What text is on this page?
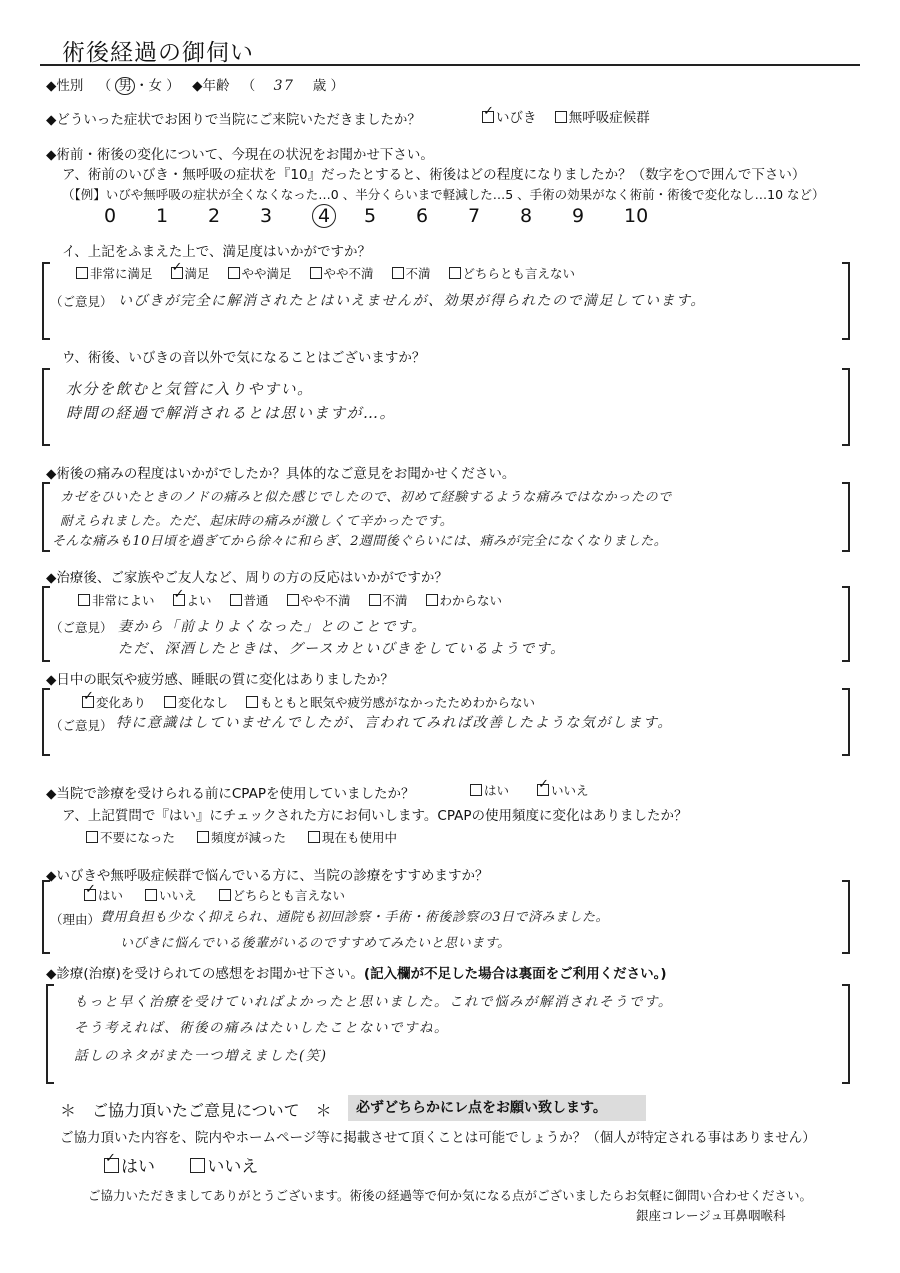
術後経過の御伺い
◆性別 （ 男 ・女 ） ◆年齢 （ 37 歳 ）
◆どういった症状でお困りで当院にご来院いただきましたか？ ✓	いびき 無呼吸症候群
◆術前・術後の変化について、今現在の状況をお聞かせ下さい。
ア、術前のいびき・無呼吸の症状を『10』だったとすると、術後はどの程度になりましたか？（数字を○で囲んで下さい）
（【例】いびや無呼吸の症状が全くなくなった…0 、半分くらいまで軽減した…5 、手術の効果がなく術前・術後で変化なし…10 など）
0 1 2 3 4 5 6 7 8 9 10
イ、上記をふまえた上で、満足度はいかがですか？
非常に満足 ✓	満足	やや満足	やや不満	不満	どちらとも言えない
（ご意見） いびきが完全に解消されたとはいえませんが、効果が得られたので満足しています。
ウ、術後、いびきの音以外で気になることはございますか？
水分を飲むと気管に入りやすい。
時間の経過で解消されるとは思いますが…。
◆術後の痛みの程度はいかがでしたか？具体的なご意見をお聞かせください。
カゼをひいたときのノドの痛みと似た感じでしたので、初めて経験するような痛みではなかったので
耐えられました。ただ、起床時の痛みが激しくて辛かったです。
そんな痛みも10日頃を過ぎてから徐々に和らぎ、2週間後ぐらいには、痛みが完全になくなりました。
◆治療後、ご家族やご友人など、周りの方の反応はいかがですか？
非常によい ✓	よい	普通	やや不満	不満	わからない
（ご意見） 妻から「前よりよくなった」とのことです。
ただ、深酒したときは、グースカといびきをしているようです。
◆日中の眠気や疲労感、睡眠の質に変化はありましたか？
✓変化あり	変化なし	もともと眠気や疲労感がなかったためわからない
（ご意見） 特に意識はしていませんでしたが、言われてみれば改善したような気がします。
◆当院で診療を受けられる前にCPAPを使用していましたか？	はい ✓	いいえ
ア、上記質問で『はい』にチェックされた方にお伺いします。CPAPの使用頻度に変化はありましたか？
不要になった	頻度が減った	現在も使用中
◆いびきや無呼吸症候群で悩んでいる方に、当院の診療をすすめますか？
✓はい	いいえ	どちらとも言えない
（理由） 費用負担も少なく抑えられ、通院も初回診察・手術・術後診察の3日で済みました。
いびきに悩んでいる後輩がいるのですすめてみたいと思います。
◆診療(治療)を受けられての感想をお聞かせ下さい。(記入欄が不足した場合は裏面をご利用ください。)
もっと早く治療を受けていればよかったと思いました。これで悩みが解消されそうです。
そう考えれば、術後の痛みはたいしたことないですね。
話しのネタがまた一つ増えました(笑)
＊　ご協力頂いたご意見について　＊	必ずどちらかにレ点をお願い致します。
ご協力頂いた内容を、院内やホームページ等に掲載させて頂くことは可能でしょうか？（個人が特定される事はありません）
✓はい	いいえ
ご協力いただきましてありがとうございます。術後の経過等で何か気になる点がございましたらお気軽に御問い合わせください。
銀座コレージュ耳鼻咽喉科
